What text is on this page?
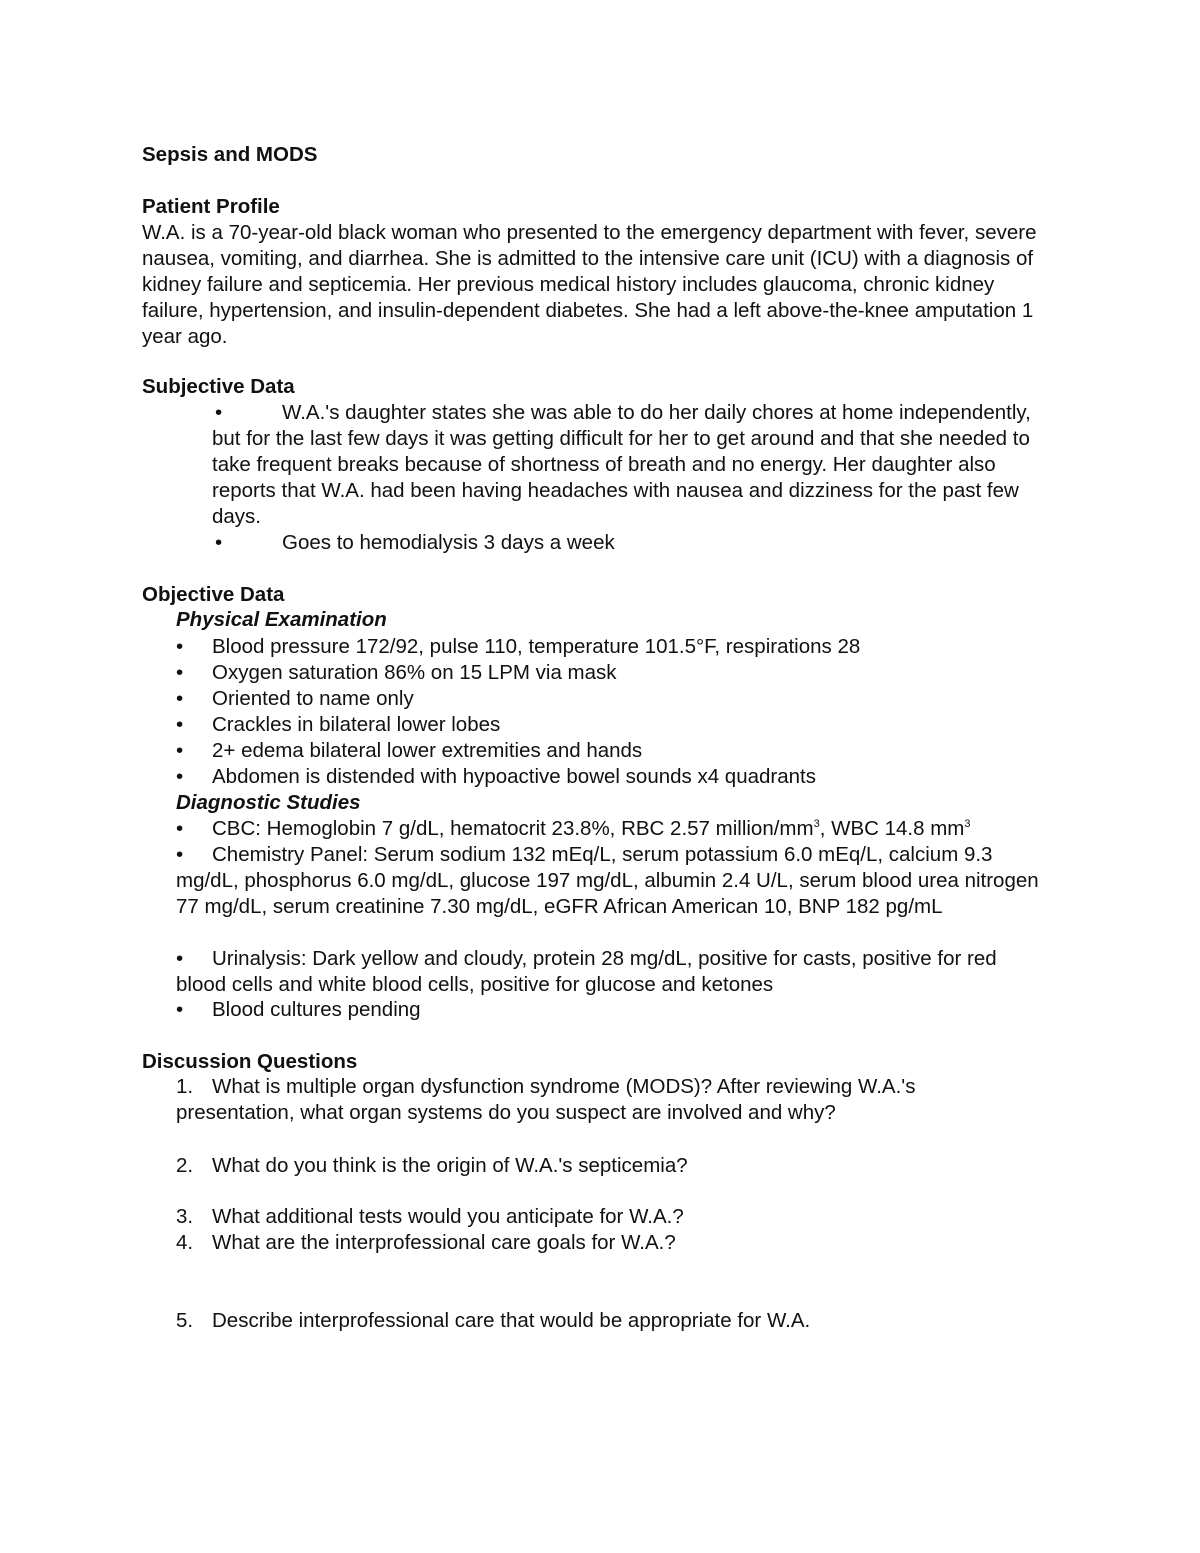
Sepsis and MODS
Patient Profile

W.A. is a 70-year-old black woman who presented to the emergency department with fever, severe nausea, vomiting, and diarrhea. She is admitted to the intensive care unit (ICU) with a diagnosis of kidney failure and septicemia. Her previous medical history includes glaucoma, chronic kidney failure, hypertension, and insulin-dependent diabetes. She had a left above-the-knee amputation 1 year ago.

Subjective Data
•	W.A.'s daughter states she was able to do her daily chores at home independently, but for the last few days it was getting difficult for her to get around and that she needed to take frequent breaks because of shortness of breath and no energy. Her daughter also reports that W.A. had been having headaches with nausea and dizziness for the past few days.
•	Goes to hemodialysis 3 days a week
Objective Data
Physical Examination
• Blood pressure 172/92, pulse 110, temperature 101.5°F, respirations 28
• Oxygen saturation 86% on 15 LPM via mask
• Oriented to name only
• Crackles in bilateral lower lobes
• 2+ edema bilateral lower extremities and hands
• Abdomen is distended with hypoactive bowel sounds x4 quadrants
Diagnostic Studies
• CBC: Hemoglobin 7 g/dL, hematocrit 23.8%, RBC 2.57 million/$mm^3$, WBC 14.8 $mm^3$
• Chemistry Panel: Serum sodium 132 mEq/L, serum potassium 6.0 mEq/L, calcium 9.3 mg/dL, phosphorus 6.0 mg/dL, glucose 197 mg/dL, albumin 2.4 U/L, serum blood urea nitrogen 77 mg/dL, serum creatinine 7.30 mg/dL, eGFR African American 10, BNP 182 pg/mL
• Urinalysis: Dark yellow and cloudy, protein 28 mg/dL, positive for casts, positive for red blood cells and white blood cells, positive for glucose and ketones
• Blood cultures pending
Discussion Questions
1. What is multiple organ dysfunction syndrome (MODS)? After reviewing W.A.'s presentation, what organ systems do you suspect are involved and why?
2. What do you think is the origin of W.A.'s septicemia?
3. What additional tests would you anticipate for W.A.?
4. What are the interprofessional care goals for W.A.?
5. Describe interprofessional care that would be appropriate for W.A.
